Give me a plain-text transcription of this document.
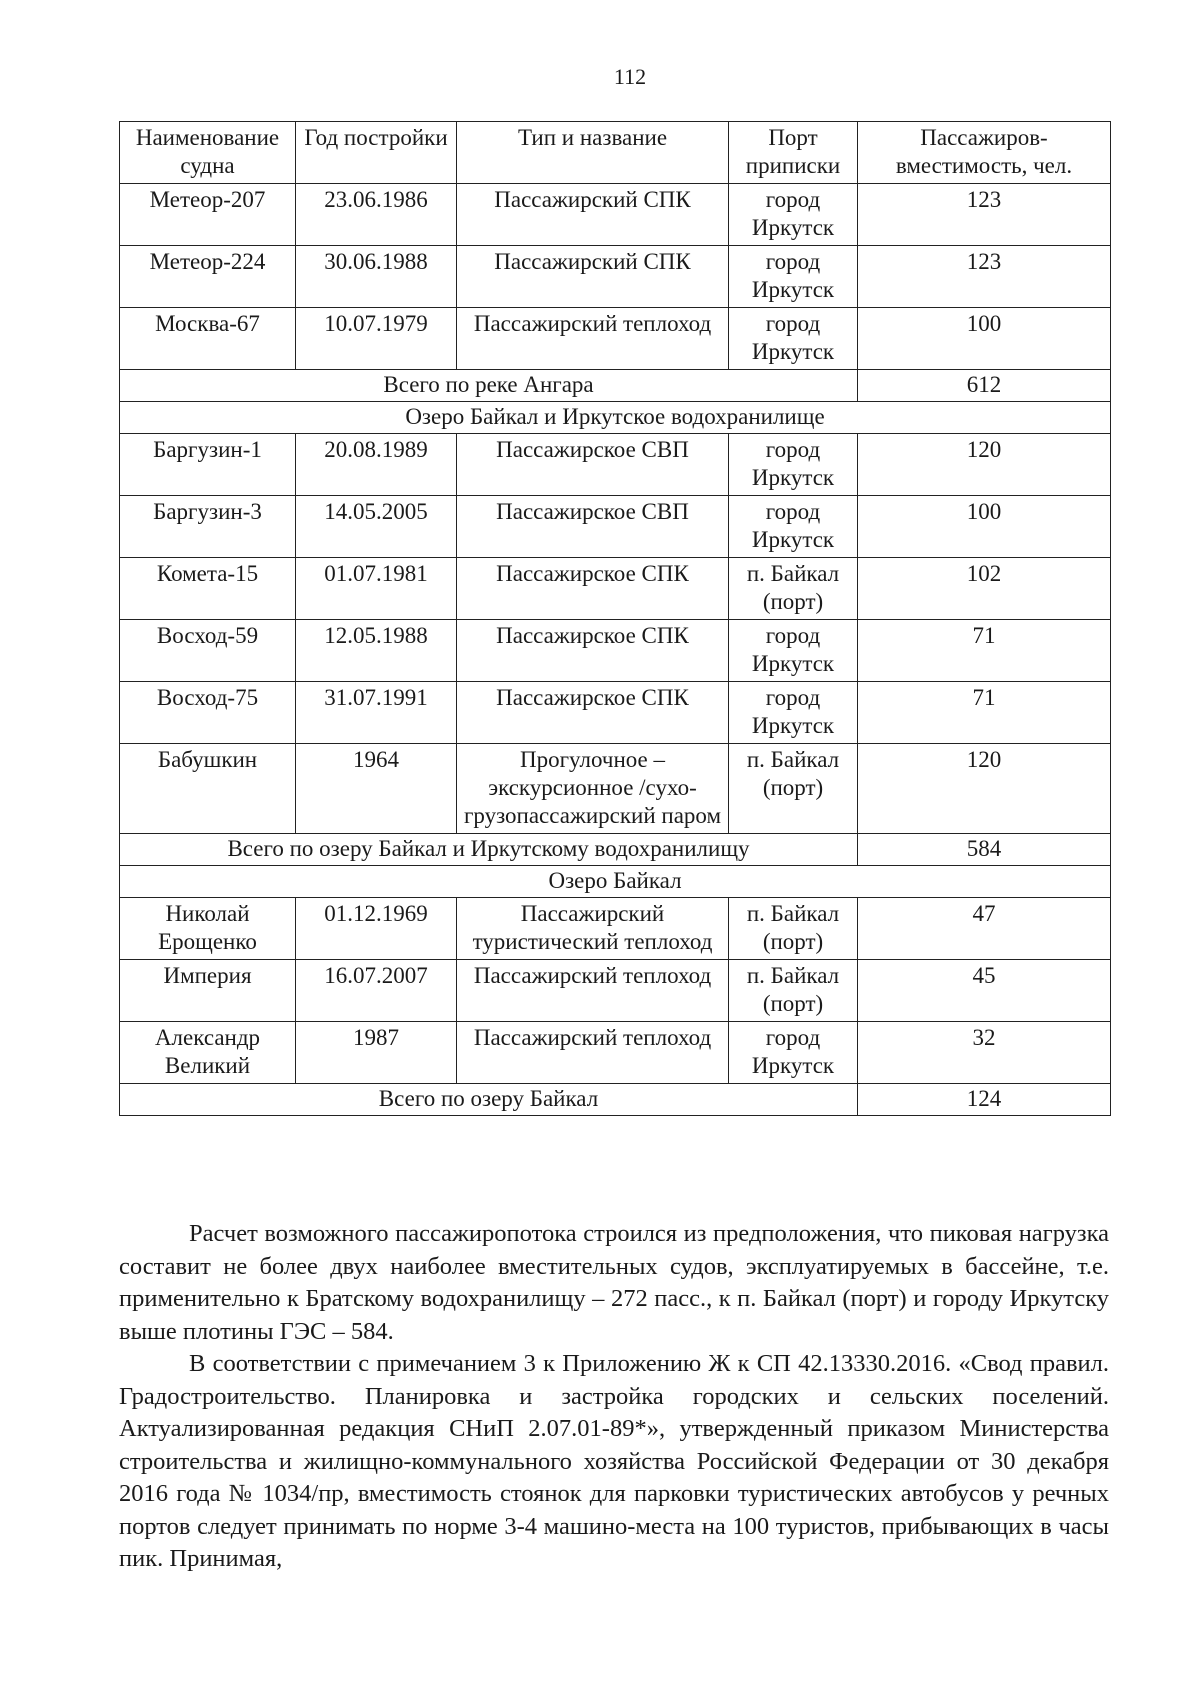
112
Наименование судна	Год постройки	Тип и название	Порт приписки	Пассажиров-вместимость, чел.
Метеор-207	23.06.1986	Пассажирский СПК	город Иркутск	123
Метеор-224	30.06.1988	Пассажирский СПК	город Иркутск	123
Москва-67	10.07.1979	Пассажирский теплоход	город Иркутск	100
Всего по реке Ангара				612
Озеро Байкал и Иркутское водохранилище				
Баргузин-1	20.08.1989	Пассажирское СВП	город Иркутск	120
Баргузин-3	14.05.2005	Пассажирское СВП	город Иркутск	100
Комета-15	01.07.1981	Пассажирское СПК	п. Байкал (порт)	102
Восход-59	12.05.1988	Пассажирское СПК	город Иркутск	71
Восход-75	31.07.1991	Пассажирское СПК	город Иркутск	71
Бабушкин	1964	Прогулочное – экскурсионное /сухо-грузопассажирский паром	п. Байкал (порт)	120
Всего по озеру Байкал и Иркутскому водохранилищу				584
Озеро Байкал				
Николай Ерощенко	01.12.1969	Пассажирский туристический теплоход	п. Байкал (порт)	47
Империя	16.07.2007	Пассажирский теплоход	п. Байкал (порт)	45
Александр Великий	1987	Пассажирский теплоход	город Иркутск	32
Всего по озеру Байкал				124

Расчет возможного пассажиропотока строился из предположения, что пиковая нагрузка составит не более двух наиболее вместительных судов, эксплуатируемых в бассейне, т.е. применительно к Братскому водохранилищу – 272 пасс., к п. Байкал (порт) и городу Иркутску выше плотины ГЭС – 584.

В соответствии с примечанием 3 к Приложению Ж к СП 42.13330.2016. «Свод правил. Градостроительство. Планировка и застройка городских и сельских поселений. Актуализированная редакция СНиП 2.07.01-89*», утвержденный приказом Министерства строительства и жилищно-коммунального хозяйства Российской Федерации от 30 декабря 2016 года № 1034/пр, вместимость стоянок для парковки туристических автобусов у речных портов следует принимать по норме 3-4 машино-места на 100 туристов, прибывающих в часы пик. Принимая,
